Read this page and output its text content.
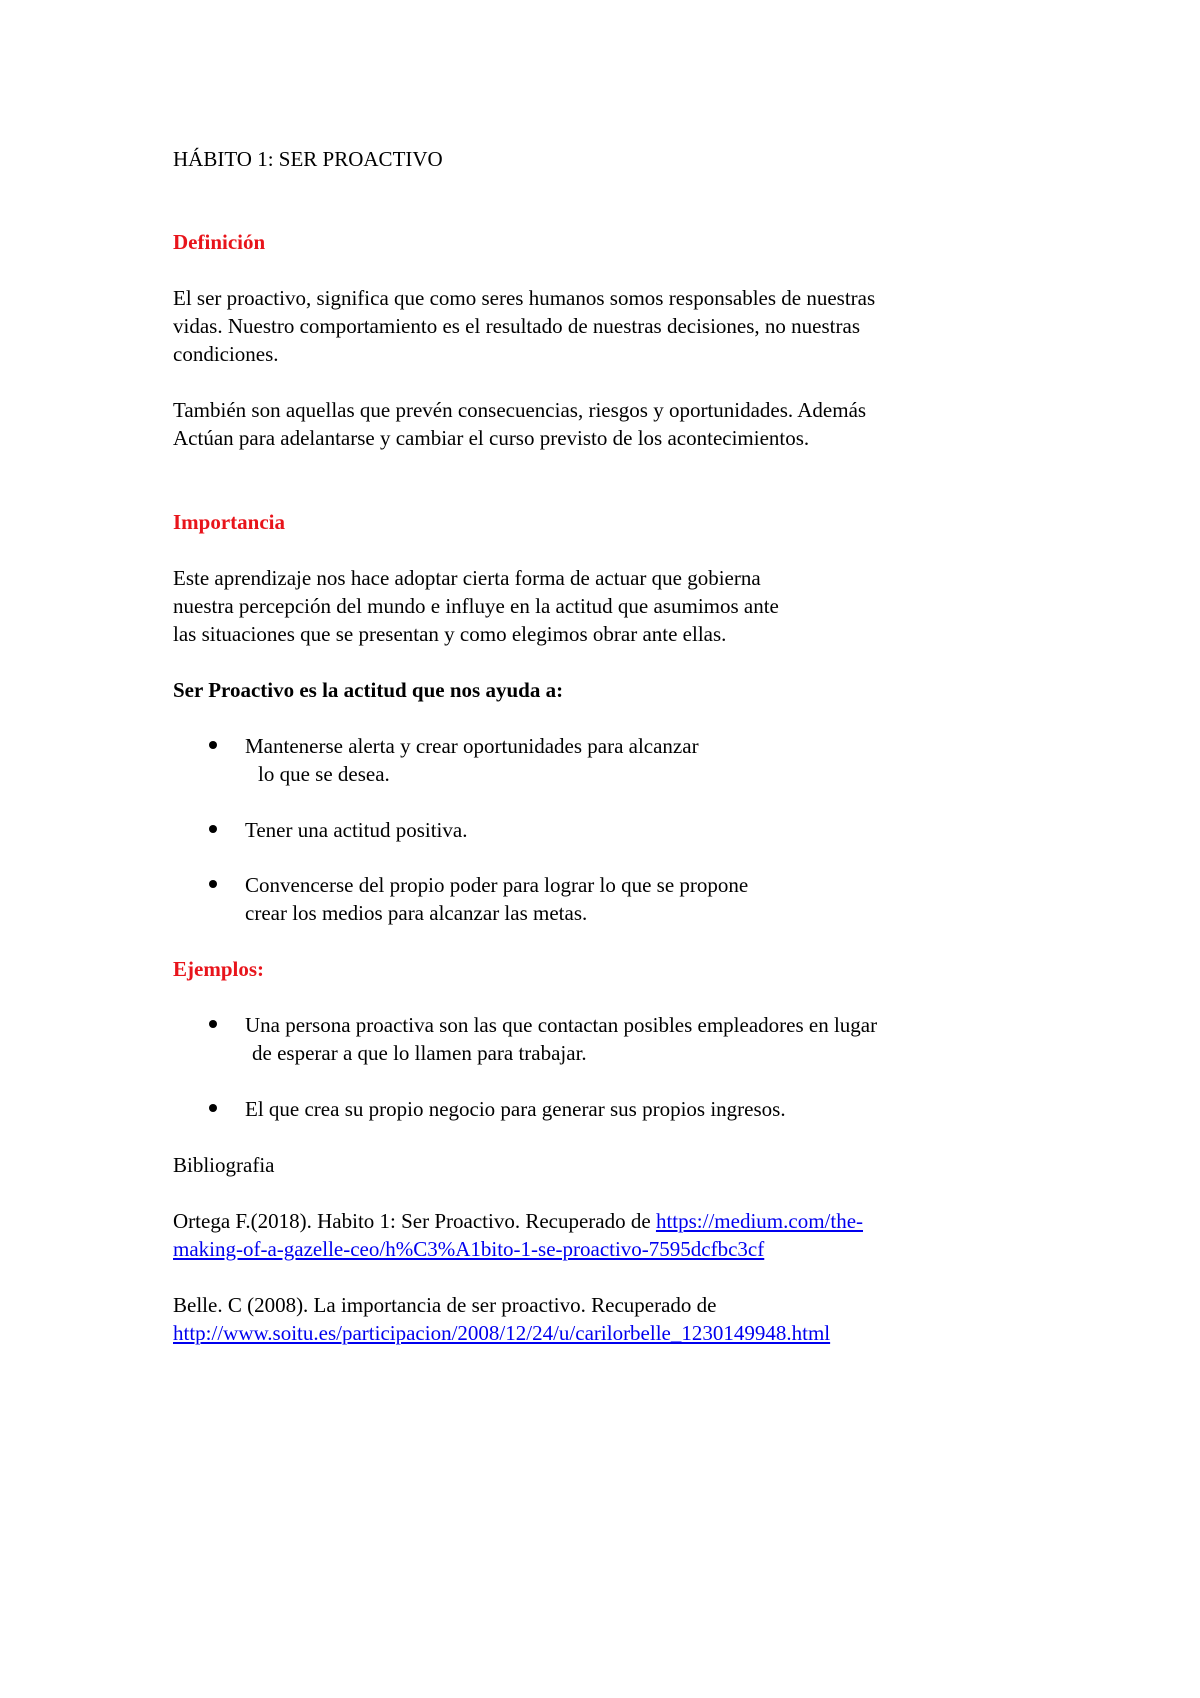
HÁBITO 1: SER PROACTIVO
Definición
El ser proactivo, significa que como seres humanos somos responsables de nuestras
vidas. Nuestro comportamiento es el resultado de nuestras decisiones, no nuestras
condiciones.
También son aquellas que prevén consecuencias, riesgos y oportunidades. Además
Actúan para adelantarse y cambiar el curso previsto de los acontecimientos.
Importancia
Este aprendizaje nos hace adoptar cierta forma de actuar que gobierna
nuestra percepción del mundo e influye en la actitud que asumimos ante
las situaciones que se presentan y como elegimos obrar ante ellas.
Ser Proactivo es la actitud que nos ayuda a:
Mantenerse alerta y crear oportunidades para alcanzar
lo que se desea.
Tener una actitud positiva.
Convencerse del propio poder para lograr lo que se propone
crear los medios para alcanzar las metas.
Ejemplos:
Una persona proactiva son las que contactan posibles empleadores en lugar
de esperar a que lo llamen para trabajar.
El que crea su propio negocio para generar sus propios ingresos.
Bibliografia
Ortega F.(2018). Habito 1: Ser Proactivo. Recuperado de https://medium.com/the-
making-of-a-gazelle-ceo/h%C3%A1bito-1-se-proactivo-7595dcfbc3cf
Belle. C (2008). La importancia de ser proactivo. Recuperado de
http://www.soitu.es/participacion/2008/12/24/u/carilorbelle_1230149948.html
